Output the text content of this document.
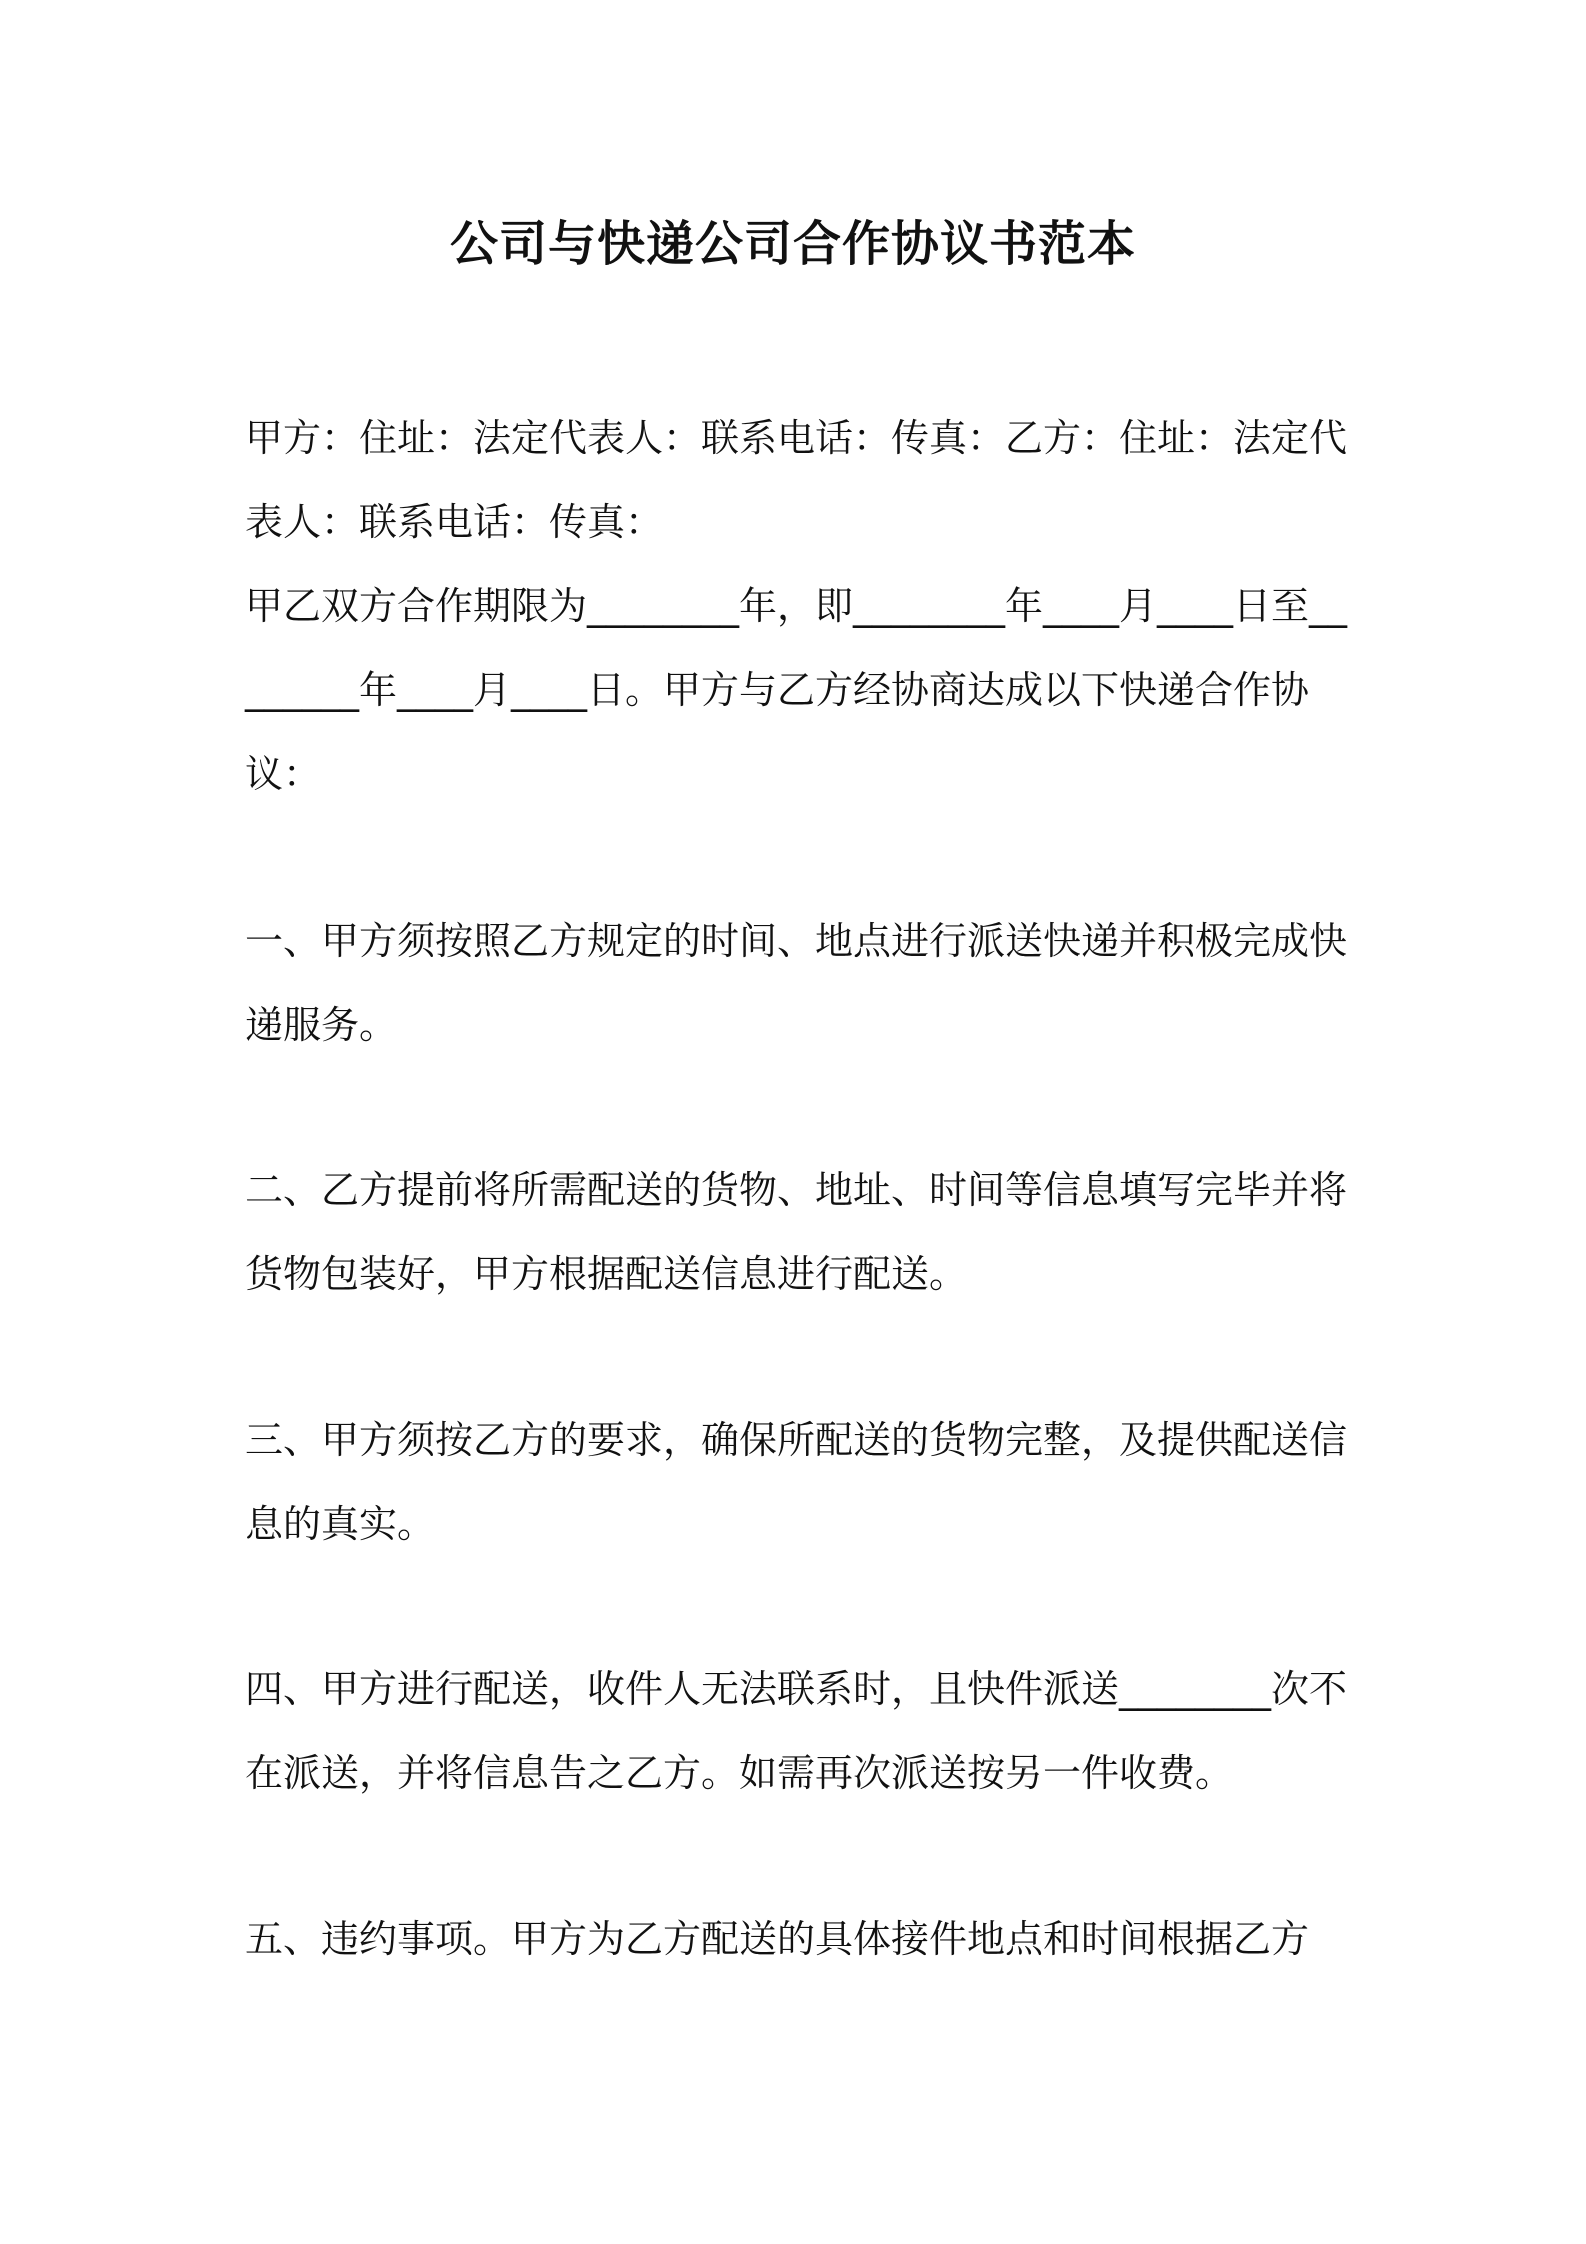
公司与快递公司合作协议书范本

甲方：住址：法定代表人：联系电话：传真：乙方：住址：法定代表人：联系电话：传真：

甲乙双方合作期限为________年，即________年____月____日至________年____月____日。甲方与乙方经协商达成以下快递合作协议：

一、甲方须按照乙方规定的时间、地点进行派送快递并积极完成快递服务。

二、乙方提前将所需配送的货物、地址、时间等信息填写完毕并将货物包装好，甲方根据配送信息进行配送。

三、甲方须按乙方的要求，确保所配送的货物完整，及提供配送信息的真实。

四、甲方进行配送，收件人无法联系时，且快件派送________次不在派送，并将信息告之乙方。如需再次派送按另一件收费。

五、违约事项。甲方为乙方配送的具体接件地点和时间根据乙方
